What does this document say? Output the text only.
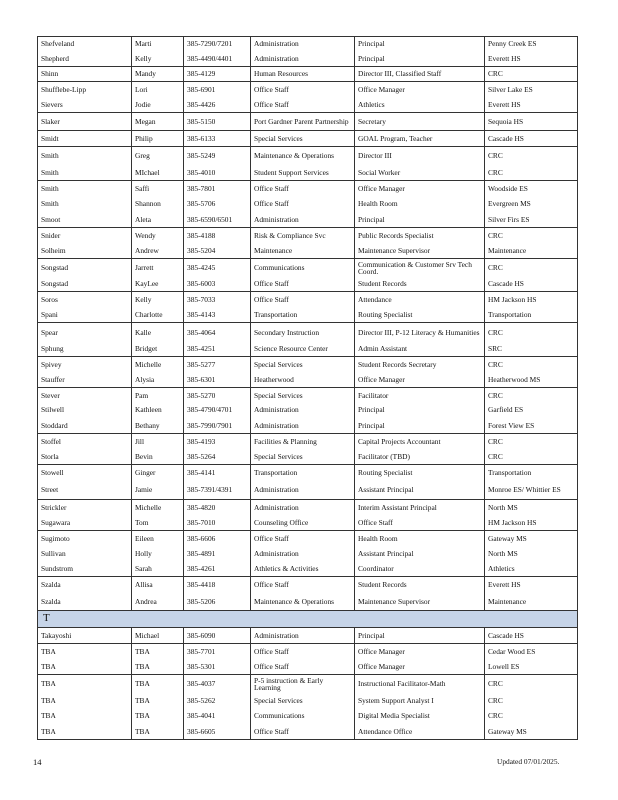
Shefveland	Marti	385-7290/7201	Administration	Principal	Penny Creek ES
Shepherd	Kelly	385-4490/4401	Administration	Principal	Everett HS
Shinn	Mandy	385-4129	Human Resources	Director III, Classified Staff	CRC
Shufflebe-Lipp	Lori	385-6901	Office Staff	Office Manager	Silver Lake ES
Sievers	Jodie	385-4426	Office Staff	Athletics	Everett HS
Slaker	Megan	385-5150	Port Gardner Parent Partnership	Secretary	Sequoia HS
Smidt	Philip	385-6133	Special Services	GOAL Program, Teacher	Cascade HS
Smith	Greg	385-5249	Maintenance & Operations	Director III	CRC
Smith	MIchael	385-4010	Student Support Services	Social Worker	CRC
Smith	Saffi	385-7801	Office Staff	Office Manager	Woodside ES
Smith	Shannon	385-5706	Office Staff	Health Room	Evergreen MS
Smoot	Aleta	385-6590/6501	Administration	Principal	Silver Firs ES
Snider	Wendy	385-4188	Risk & Compliance Svc	Public Records Specialist	CRC
Solheim	Andrew	385-5204	Maintenance	Maintenance Supervisor	Maintenance
Songstad	Jarrett	385-4245	Communications	Communication & Customer Srv Tech Coord.	CRC
Songstad	KayLee	385-6003	Office Staff	Student Records	Cascade HS
Soros	Kelly	385-7033	Office Staff	Attendance	HM Jackson HS
Spani	Charlotte	385-4143	Transportation	Routing Specialist	Transportation
Spear	Kalle	385-4064	Secondary Instruction	Director III, P-12 Literacy & Humanities	CRC
Sphung	Bridget	385-4251	Science Resource Center	Admin Assistant	SRC
Spivey	Michelle	385-5277	Special Services	Student Records Secretary	CRC
Stauffer	Alysia	385-6301	Heatherwood	Office Manager	Heatherwood MS
Stever	Pam	385-5270	Special Services	Facilitator	CRC
Stilwell	Kathleen	385-4790/4701	Administration	Principal	Garfield ES
Stoddard	Bethany	385-7990/7901	Administration	Principal	Forest View ES
Stoffel	Jill	385-4193	Facilities & Planning	Capital Projects Accountant	CRC
Storla	Bevin	385-5264	Special Services	Facilitator (TBD)	CRC
Stowell	Ginger	385-4141	Transportation	Routing Specialist	Transportation
Street	Jamie	385-7391/4391	Administration	Assistant Principal	Monroe ES/ Whittier ES
Strickler	Michelle	385-4820	Administration	Interim Assistant Principal	North MS
Sugawara	Tom	385-7010	Counseling Office	Office Staff	HM Jackson HS
Sugimoto	Eileen	385-6606	Office Staff	Health Room	Gateway MS
Sullivan	Holly	385-4891	Administration	Assistant Principal	North MS
Sundstrom	Sarah	385-4261	Athletics & Activities	Coordinator	Athletics
Szalda	Allisa	385-4418	Office Staff	Student Records	Everett HS
Szalda	Andrea	385-5206	Maintenance & Operations	Maintenance Supervisor	Maintenance
T					
Takayoshi	Michael	385-6090	Administration	Principal	Cascade HS
TBA	TBA	385-7701	Office Staff	Office Manager	Cedar Wood ES
TBA	TBA	385-5301	Office Staff	Office Manager	Lowell ES
TBA	TBA	385-4037	P-5 instruction & Early Learning	Instructional Facilitator-Math	CRC
TBA	TBA	385-5262	Special Services	System Support Analyst I	CRC
TBA	TBA	385-4041	Communications	Digital Media Specialist	CRC
TBA	TBA	385-6605	Office Staff	Attendance Office	Gateway MS
14	Updated 07/01/2025.
